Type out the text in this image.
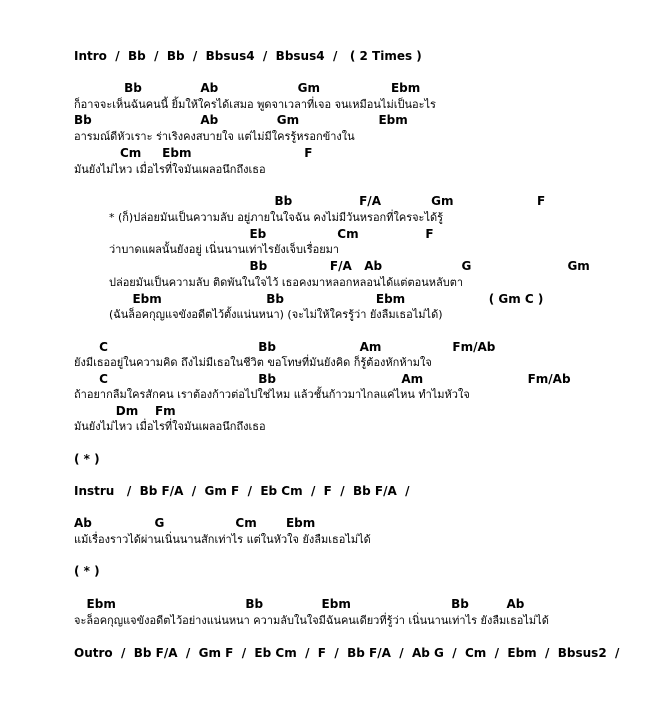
Intro  /  Bb  /  Bb  /  Bbsus4  /  Bbsus4  /   ( 2 Times )
Bb              Ab                   Gm                 Ebm
ก็อาจจะเห็นฉันคนนี้ ยิ้มให้ใครได้เสมอ พูดจาเวลาที่เจอ จนเหมือนไม่เป็นอะไร
Bb                          Ab              Gm                   Ebm
อารมณ์ดีหัวเราะ ร่าเริงคงสบายใจ แต่ไม่มีใครรู้หรอกข้างใน
Cm     Ebm                           F
มันยังไม่ไหว เมื่อไรที่ใจมันเผลอนึกถึงเธอ
Bb                F/A            Gm                    F
* (ก็)ปล่อยมันเป็นความลับ อยู่ภายในใจฉัน คงไม่มีวันหรอกที่ใครจะได้รู้
Eb                 Cm                F
ว่าบาดแผลนั้นยังอยู่ เนิ่นนานเท่าไรยังเจ็บเรื่อยมา
Bb               F/A   Ab                   G                       Gm
ปล่อยมันเป็นความลับ ติดพันในใจไว้ เธอคงมาหลอกหลอนได้แต่ตอนหลับตา
Ebm                         Bb                      Ebm                    ( Gm C )
(ฉันล็อคกุญแจขังอดีตไว้ตั้งแน่นหนา) (จะไม่ให้ใครรู้ว่า ยังลืมเธอไม่ได้)
C                                    Bb                    Am                 Fm/Ab
ยังมีเธออยู่ในความคิด ถึงไม่มีเธอในชีวิต ขอโทษที่มันยังคิด ก็รู้ต้องหักห้ามใจ
C                                    Bb                              Am                         Fm/Ab
ถ้าอยากลืมใครสักคน เราต้องก้าวต่อไปใช่ไหม แล้วชั้นก้าวมาไกลแค่ไหน ทำไมหัวใจ
Dm    Fm
มันยังไม่ไหว เมื่อไรที่ใจมันเผลอนึกถึงเธอ
( * )
Instru   /  Bb F/A  /  Gm F  /  Eb Cm  /  F  /  Bb F/A  /
Ab               G                 Cm       Ebm
แม้เรื่องราวได้ผ่านเนิ่นนานสักเท่าไร แต่ในหัวใจ ยังลืมเธอไม่ได้
( * )
Ebm                               Bb              Ebm                        Bb         Ab
จะล็อคกุญแจขังอดีตไว้อย่างแน่นหนา ความลับในใจมีฉันคนเดียวที่รู้ว่า เนิ่นนานเท่าไร ยังลืมเธอไม่ได้
Outro  /  Bb F/A  /  Gm F  /  Eb Cm  /  F  /  Bb F/A  /  Ab G  /  Cm  /  Ebm  /  Bbsus2  /
